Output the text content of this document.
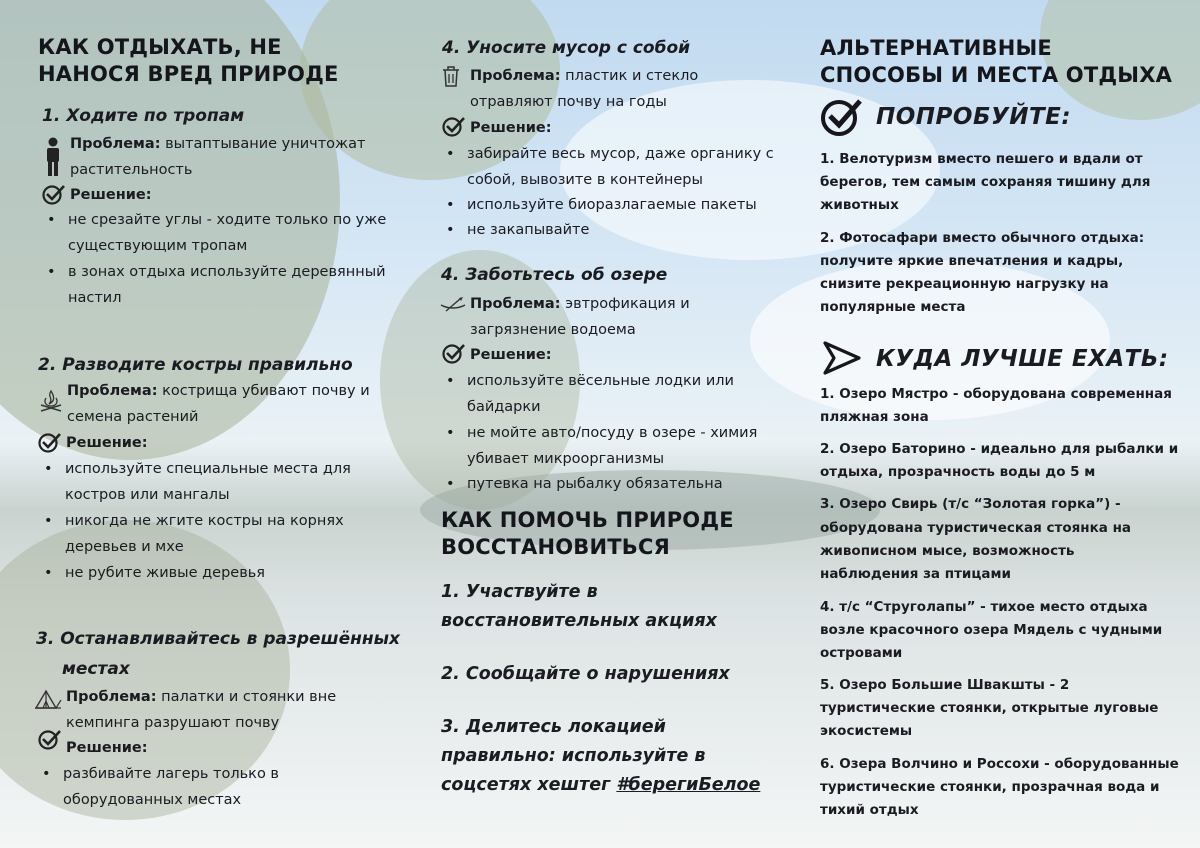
КАК ОТДЫХАТЬ, НЕ НАНОСЯ ВРЕД ПРИРОДЕ
1. Ходите по тропам
Проблема: вытаптывание уничтожат
растительность
Решение:
• не срезайте углы - ходите только по уже
существующим тропам
• в зонах отдыха используйте деревянный
настил
2. Разводите костры правильно
Проблема: кострища убивают почву и
семена растений
Решение:
• используйте специальные места для
костров или мангалы
• никогда не жгите костры на корнях
деревьев и мхе
• не рубите живые деревья
3. Останавливайтесь в разрешённых
местах
Проблема: палатки и стоянки вне
кемпинга разрушают почву
Решение:
• разбивайте лагерь только в
оборудованных местах
4. Уносите мусор с собой
Проблема: пластик и стекло
отравляют почву на годы
Решение:
• забирайте весь мусор, даже органику с
собой, вывозите в контейнеры
• используйте биоразлагаемые пакеты
• не закапывайте
4. Заботьтесь об озере
Проблема: эвтрофикация и
загрязнение водоема
Решение:
• используйте вёсельные лодки или
байдарки
• не мойте авто/посуду в озере - химия
убивает микроорганизмы
• путевка на рыбалку обязательна
КАК ПОМОЧЬ ПРИРОДЕ ВОССТАНОВИТЬСЯ
1. Участвуйте в
восстановительных акциях
2. Сообщайте о нарушениях
3. Делитесь локацией
правильно: используйте в
соцсетях хештег #берегиБелое
АЛЬТЕРНАТИВНЫЕ СПОСОБЫ И МЕСТА ОТДЫХА
ПОПРОБУЙТЕ:
1. Велотуризм вместо пешего и вдали от
берегов, тем самым сохраняя тишину для
животных
2. Фотосафари вместо обычного отдыха:
получите яркие впечатления и кадры,
снизите рекреационную нагрузку на
популярные места
КУДА ЛУЧШЕ ЕХАТЬ:
1. Озеро Мястро - оборудована современная
пляжная зона
2. Озеро Баторино - идеально для рыбалки и
отдыха, прозрачность воды до 5 м
3. Озеро Свирь (т/с “Золотая горка”) -
оборудована туристическая стоянка на
живописном мысе, возможность
наблюдения за птицами
4. т/с “Струголапы” - тихое место отдыха
возле красочного озера Мядель с чудными
островами
5. Озеро Большие Швакшты - 2
туристические стоянки, открытые луговые
экосистемы
6. Озера Волчино и Россохи - оборудованные
туристические стоянки, прозрачная вода и
тихий отдых
